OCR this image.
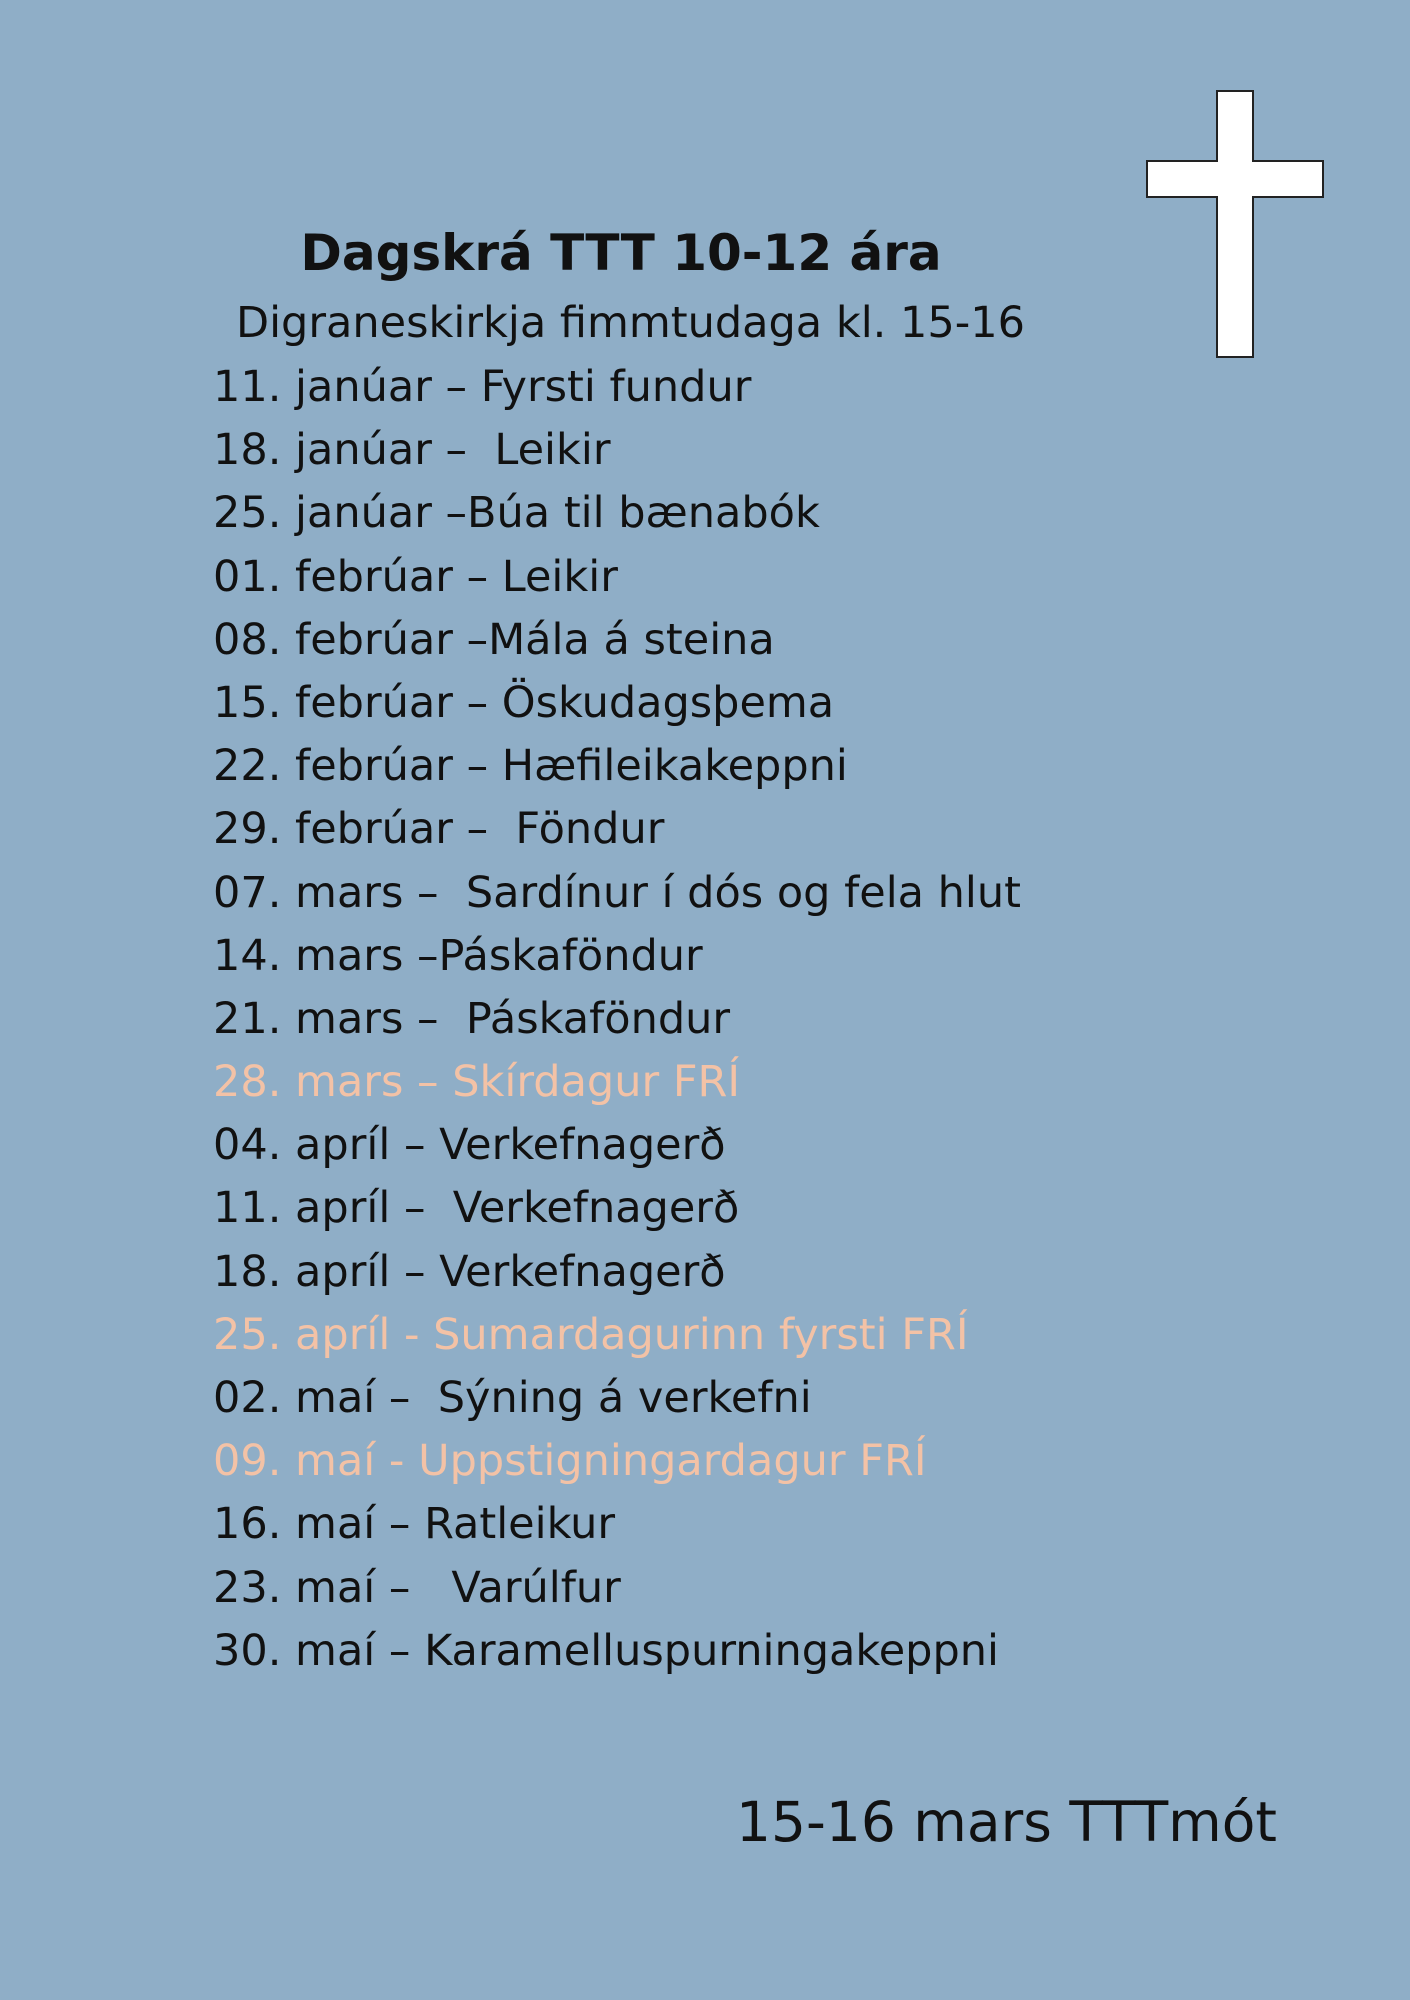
Dagskrá TTT 10-12 ára
Digraneskirkja fimmtudaga kl. 15-16
11. janúar – Fyrsti fundur
18. janúar –  Leikir
25. janúar –Búa til bænabók
01. febrúar – Leikir
08. febrúar –Mála á steina
15. febrúar – Öskudagsþema
22. febrúar – Hæfileikakeppni
29. febrúar –  Föndur
07. mars –  Sardínur í dós og fela hlut
14. mars –Páskaföndur
21. mars –  Páskaföndur
28. mars – Skírdagur FRÍ
04. apríl – Verkefnagerð
11. apríl –  Verkefnagerð
18. apríl – Verkefnagerð
25. apríl - Sumardagurinn fyrsti FRÍ
02. maí –  Sýning á verkefni
09. maí - Uppstigningardagur FRÍ
16. maí – Ratleikur
23. maí –   Varúlfur
30. maí – Karamelluspurningakeppni
15-16 mars TTTmót
